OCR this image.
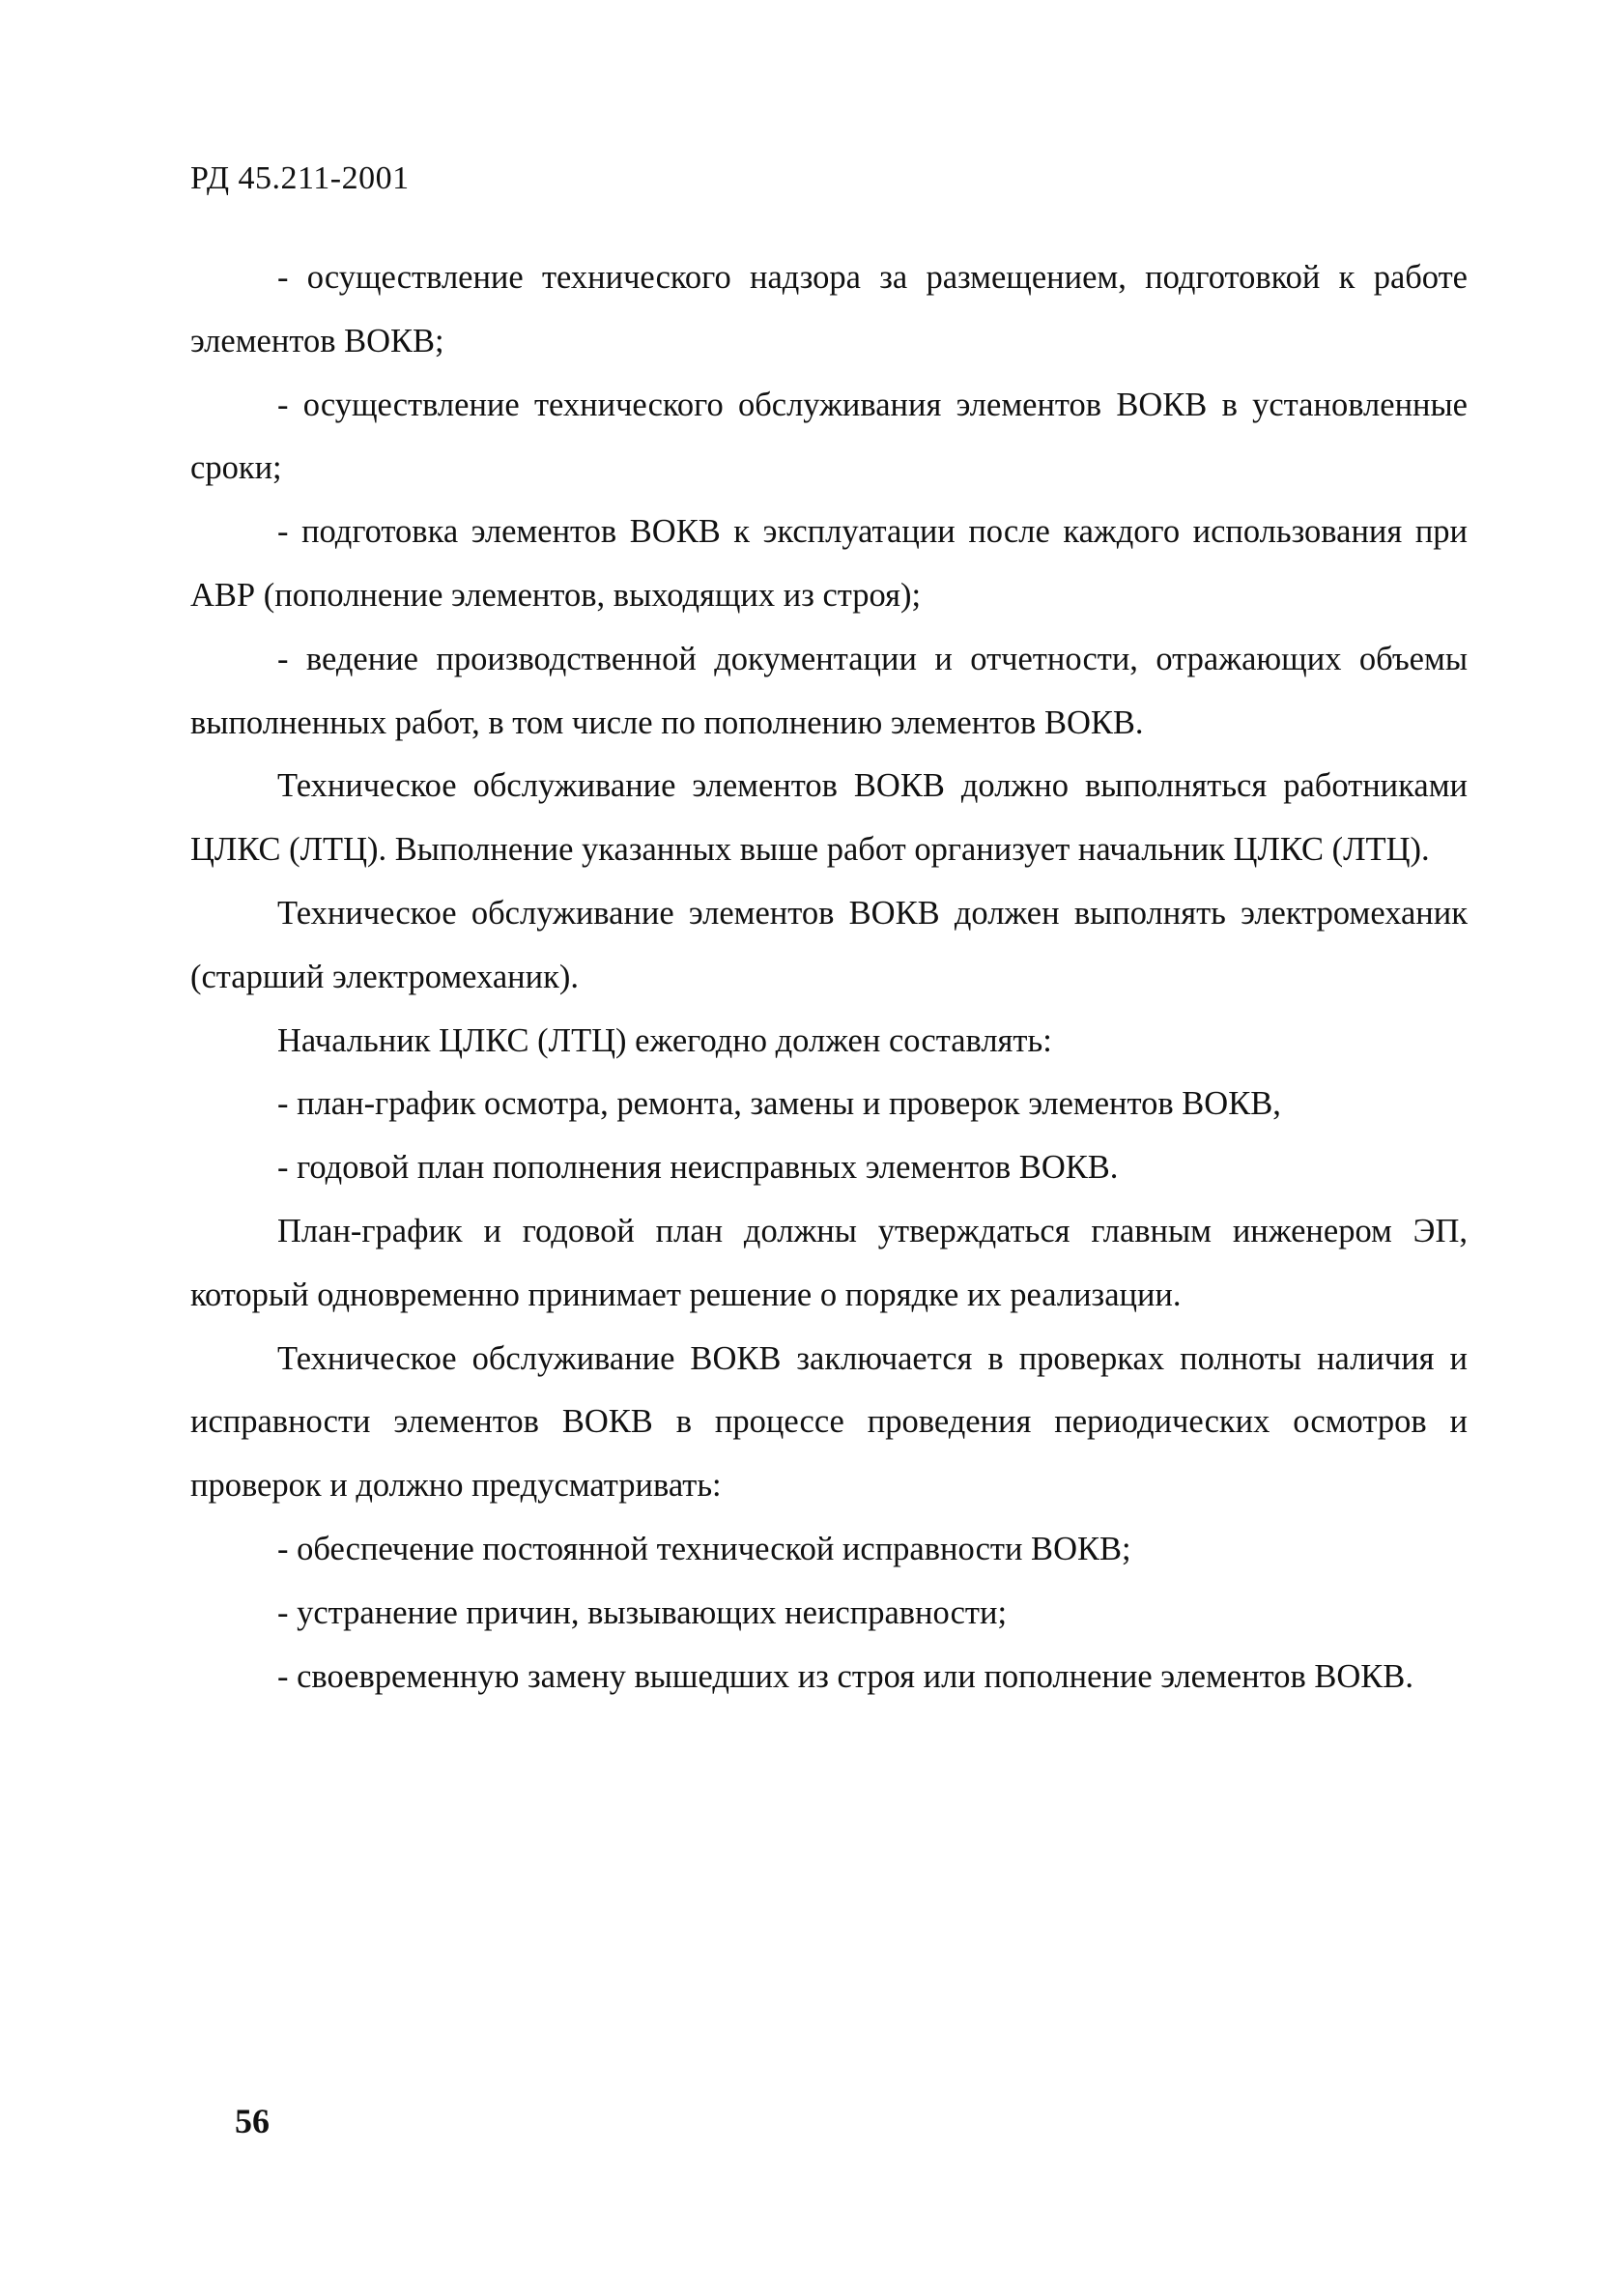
РД 45.211-2001

- осуществление технического надзора за размещением, подготовкой к работе элементов ВОКВ;

- осуществление технического обслуживания элементов ВОКВ в установленные сроки;

- подготовка элементов ВОКВ к эксплуатации после каждого использования при АВР (пополнение элементов, выходящих из строя);

- ведение производственной документации и отчетности, отражающих объемы выполненных работ, в том числе по пополнению элементов ВОКВ.

Техническое обслуживание элементов ВОКВ должно выполняться работниками ЦЛКС (ЛТЦ). Выполнение указанных выше работ организует начальник ЦЛКС (ЛТЦ).

Техническое обслуживание элементов ВОКВ должен выполнять электромеханик (старший электромеханик).

Начальник ЦЛКС (ЛТЦ) ежегодно должен составлять:

- план-график осмотра, ремонта, замены и проверок элементов ВОКВ,

- годовой план пополнения неисправных элементов ВОКВ.

План-график и годовой план должны утверждаться главным инженером ЭП, который одновременно принимает решение о порядке их реализации.

Техническое обслуживание ВОКВ заключается в проверках полноты наличия и исправности элементов ВОКВ в процессе проведения периодических осмотров и проверок и должно предусматривать:

- обеспечение постоянной технической исправности ВОКВ;

- устранение причин, вызывающих неисправности;

- своевременную замену вышедших из строя или пополнение элементов ВОКВ.

56
